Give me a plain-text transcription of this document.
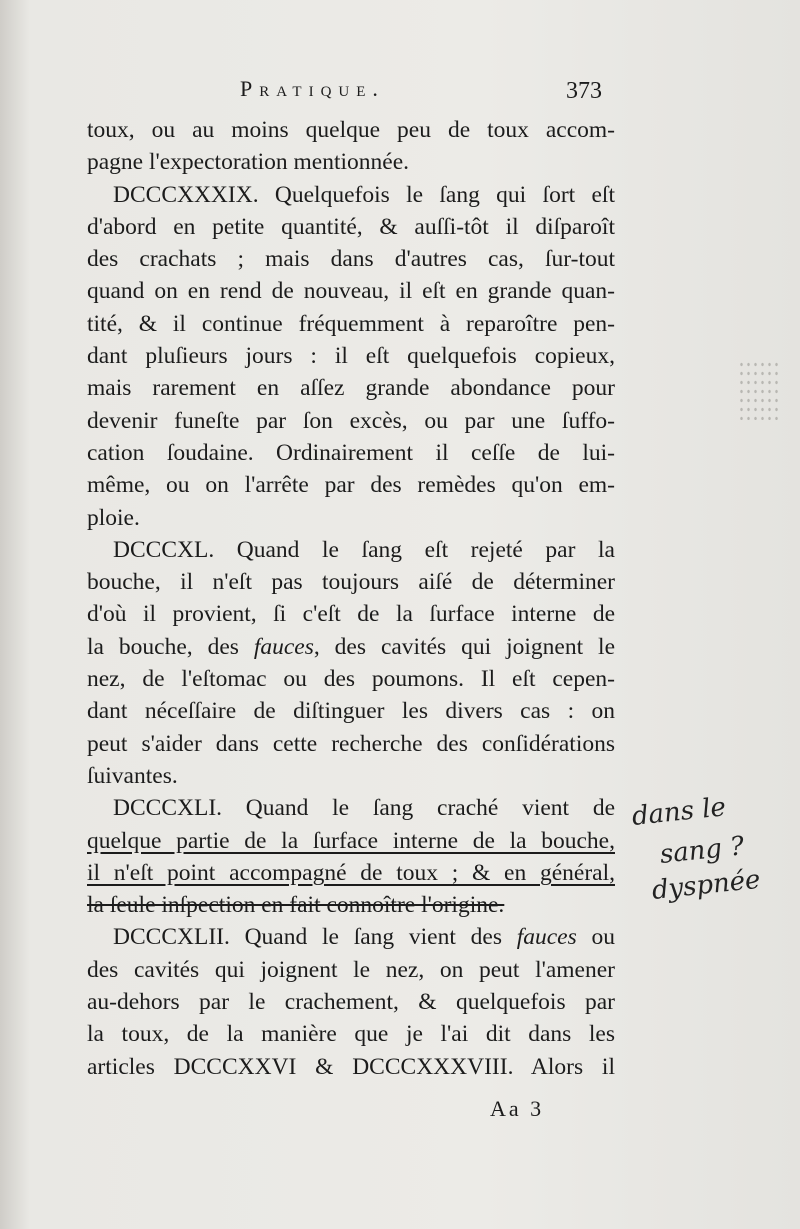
Pratique.	373
toux, ou au moins quelque peu de toux accom-
pagne l'expectoration mentionnée.
DCCCXXXIX. Quelquefois le ſang qui ſort eſt
d'abord en petite quantité, & auſſi-tôt il diſparoît
des crachats ; mais dans d'autres cas, ſur-tout
quand on en rend de nouveau, il eſt en grande quan-
tité, & il continue fréquemment à reparoître pen-
dant pluſieurs jours : il eſt quelquefois copieux,
mais rarement en aſſez grande abondance pour
devenir funeſte par ſon excès, ou par une ſuffo-
cation ſoudaine. Ordinairement il ceſſe de lui-
même, ou on l'arrête par des remèdes qu'on em-
ploie.
DCCCXL. Quand le ſang eſt rejeté par la
bouche, il n'eſt pas toujours aiſé de déterminer
d'où il provient, ſi c'eſt de la ſurface interne de
la bouche, des fauces, des cavités qui joignent le
nez, de l'eſtomac ou des poumons. Il eſt cepen-
dant néceſſaire de diſtinguer les divers cas : on
peut s'aider dans cette recherche des conſidérations
ſuivantes.
DCCCXLI. Quand le ſang craché vient de
quelque partie de la ſurface interne de la bouche,
il n'eſt point accompagné de toux ; & en général,
la ſeule inſpection en fait connoître l'origine.
DCCCXLII. Quand le ſang vient des fauces ou
des cavités qui joignent le nez, on peut l'amener
au-dehors par le crachement, & quelquefois par
la toux, de la manière que je l'ai dit dans les
articles DCCCXXVI & DCCCXXXVIII. Alors il
Aa 3
dans le
sang ?
dyspnée
